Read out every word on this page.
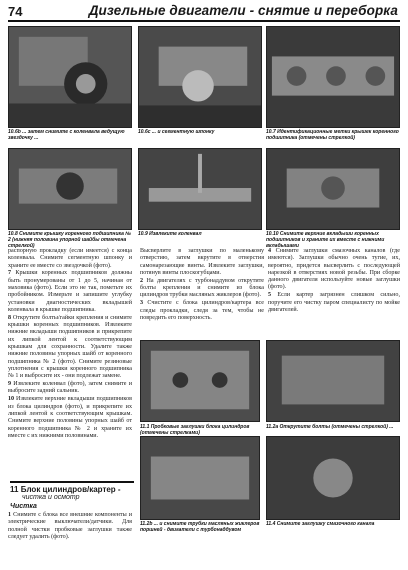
74	Дизельные двигатели - снятие и переборка
10.6b ... затем снимите с коленвала ведущую звездочку ...
10.6c ... и сегментную шпонку	10.7 Идентификационные метки крышек коренного подшипника (отмечены стрелкой)
10.8 Снимите крышку коренного подшипника № 2 (нижняя половина упорной шайбы отмечена стрелкой)
10.9 Извлеките коленвал	10.10 Снимите верхние вкладыши коренных подшипников и храните их вместе с нижними вкладышами

распорную прокладку (если имеется) с конца коленвала. Снимите сегментную шпонку и храните ее вместе со звездочкой (фото).

7 Крышки коренных подшипников должны быть пронумерованы от 1 до 5, начиная от маховика (фото). Если это не так, пометьте их пробойником. Измерьте и запишите углубку установки диагностических вкладышей коленвала в крышке подшипника.

8 Открутите болты/гайки крепления и снимите крышки коренных подшипников. Извлеките нижние вкладыши подшипников и прикрепите их липкой лентой к соответствующим крышкам для сохранности. Удалите также нижние половины упорных шайб от коренного подшипника № 2 (фото). Снимите резиновые уплотнения с крышки коренного подшипника № 1 и выбросите их - они подлежат замене.

9 Извлеките коленвал (фото), затем снимите и выбросите задний сальник.

10 Извлеките верхние вкладыши подшипников из блока цилиндров (фото), и прикрепите их липкой лентой к соответствующим крышкам. Снимите верхние половины упорных шайб от коренного подшипника № 2 и храните их вместе с их нижними половинами.

11 Блок цилиндров/картер -
чистка и осмотр
Чистка

1 Снимите с блока все внешние компоненты и электрические выключатели/датчики. Для полной чистки пробковые заглушки также следует удалить (фото).

Высверлите в заглушки по маленькому отверстию, затем вкрутите в отверстия самонарезающие винты. Извлеките заглушки, потянув винты плоскогубцами.

2 На двигателях с турбонаддувом открутите болты крепления и снимите из блока цилиндров трубки масляных жиклеров (фото).

3 Счистите с блока цилиндров/картера все следы прокладки, следя за тем, чтобы не повредить его поверхность.

4 Снимите заглушки смазочных каналов (где имеются). Заглушки обычно очень тугие, их, вероятно, придется высверлить с последующей нарезкой в отверстиях новой резьбы. При сборке данного двигателя используйте новые заглушки (фото).

5 Если картер загрязнен слишком сильно, поручите его чистку паром специалисту по мойке двигателей.

11.1 Пробковые заглушки блока цилиндров (отмечены стрелками)
11.2a Открутите болты (отмечены стрелкой) ...
11.2b ... и снимите трубки масляных жиклеров поршней - двигатели с турбонаддувом
11.4 Снимите заглушку смазочного канала
